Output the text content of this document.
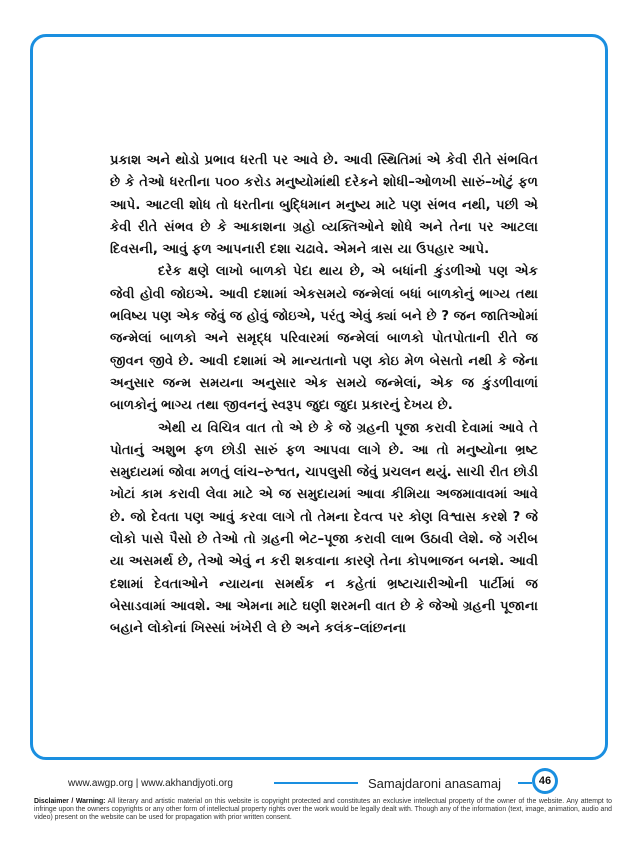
પ્રકાશ અને થોડો પ્રભાવ ધરતી પર આવે છે. આવી સ્થિતિમાં એ કેવી રીતે સંભવિત છે કે તેઓ ધરતીના ૫૦૦ કરોડ મનુષ્યોમાંથી દરેકને શોધી–ઓળખી સારું–ખોટું ફળ આપે. આટલી શોધ તો ધરતીના બુદ્ધિમાન મનુષ્ય માટે પણ સંભવ નથી, પછી એ કેવી રીતે સંભવ છે કે આકાશના ગ્રહો વ્યક્તિઓને શોધે અને તેના પર આટલા દિવસની, આવું ફળ આપનારી દશા ચઢાવે. એમને ત્રાસ યા ઉપહાર આપે.

દરેક ક્ષણે લાખો બાળકો પેદા થાય છે, એ બધાંની કુંડળીઓ પણ એક જેવી હોવી જોઇએ. આવી દશામાં એકસમયે જન્મેલાં બધાં બાળકોનું ભાગ્ય તથા ભવિષ્ય પણ એક જેવું જ હોવું જોઇએ, પરંતુ એવું ક્યાં બને છે ? જન જાતિઓમાં જન્મેલાં બાળકો અને સમૃદ્ધ પરિવારમાં જન્મેલાં બાળકો પોતપોતાની રીતે જ જીવન જીવે છે. આવી દશામાં એ માન્યતાનો પણ કોઇ મેળ બેસતો નથી કે જેના અનુસાર જન્મ સમયના અનુસાર એક સમયે જન્મેલાં, એક જ કુંડળીવાળાં બાળકોનું ભાગ્ય તથા જીવનનું સ્વરૂપ જુદા જુદા પ્રકારનું દેખય છે.

એથી ય વિચિત્ર વાત તો એ છે કે જે ગ્રહની પૂજા કરાવી દેવામાં આવે તે પોતાનું અશુભ ફળ છોડી સારું ફળ આપવા લાગે છે. આ તો મનુષ્યોના ભ્રષ્ટ સમુદાયમાં જોવા મળતું લાંચ–રુશ્વત, ચાપલુસી જેવું પ્રચલન થયું. સાચી રીત છોડી ખોટાં કામ કરાવી લેવા માટે એ જ સમુદાયમાં આવા કીમિયા અજમાવાવમાં આવે છે. જો દેવતા પણ આવું કરવા લાગે તો તેમના દેવત્વ પર કોણ વિશ્વાસ કરશે ? જે લોકો પાસે પૈસો છે તેઓ તો ગ્રહની ભેટ–પૂજા કરાવી લાભ ઉઠાવી લેશે. જે ગરીબ યા અસમર્થ છે, તેઓ એવું ન કરી શકવાના કારણે તેના કોપભાજન બનશે. આવી દશામાં દેવતાઓને ન્યાયના સમર્થક ન કહેતાં ભ્રષ્ટાચારીઓની પાર્ટીમાં જ બેસાડવામાં આવશે. આ એમના માટે ઘણી શરમની વાત છે કે જેઓ ગ્રહની પૂજાના બહાને લોકોનાં ખિસ્સાં ખંખેરી લે છે અને કલંક–લાંછનના

www.awgp.org | www.akhandjyoti.org	Samajdaroni anasamaj	46
Disclaimer / Warning: All literary and artistic material on this website is copyright protected and constitutes an exclusive intellectual property of the owner of the website. Any attempt to infringe upon the owners copyrights or any other form of intellectual property rights over the work would be legally dealt with. Though any of the information (text, image, animation, audio and video) present on the website can be used for propagation with prior written consent.
